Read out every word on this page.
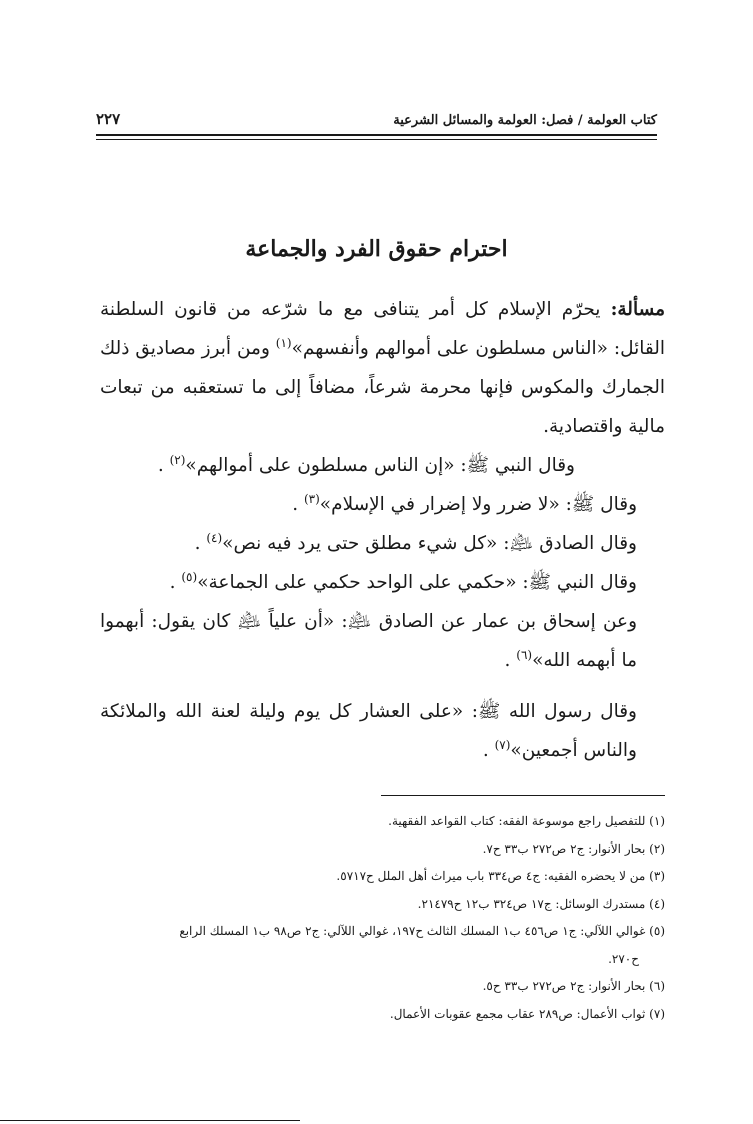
كتاب العولمة / فصل: العولمة والمسائل الشرعية
٢٢٧
احترام حقوق الفرد والجماعة

مسألة: يحرّم الإسلام كل أمر يتنافى مع ما شرّعه من قانون السلطنة القائل: «الناس مسلطون على أموالهم وأنفسهم»$^{(١)}$ ومن أبرز مصاديق ذلك الجمارك والمكوس فإنها محرمة شرعاً، مضافاً إلى ما تستعقبه من تبعات مالية واقتصادية.

وقال النبي ﷺ: «إن الناس مسلطون على أموالهم»$^{(٢)}$ .

وقال ﷺ: «لا ضرر ولا إضرار في الإسلام»$^{(٣)}$ .

وقال الصادق ﵇: «كل شيء مطلق حتى يرد فيه نص»$^{(٤)}$ .

وقال النبي ﷺ: «حكمي على الواحد حكمي على الجماعة»$^{(٥)}$ .

وعن إسحاق بن عمار عن الصادق ﵇: «أن علياً ﵇ كان يقول: أبهموا ما أبهمه الله»$^{(٦)}$ .

وقال رسول الله ﷺ: «على العشار كل يوم وليلة لعنة الله والملائكة والناس أجمعين»$^{(٧)}$ .

(١) للتفصيل راجع موسوعة الفقه: كتاب القواعد الفقهية.

(٢) بحار الأنوار: ج٢ ص٢٧٢ ب٣٣ ح٧.

(٣) من لا يحضره الفقيه: ج٤ ص٣٣٤ باب ميراث أهل الملل ح٥٧١٧.

(٤) مستدرك الوسائل: ج١٧ ص٣٢٤ ب١٢ ح٢١٤٧٩.

(٥) غوالي اللآلي: ج١ ص٤٥٦ ب١ المسلك الثالث ح١٩٧، غوالي اللآلي: ج٢ ص٩٨ ب١ المسلك الرابع

ح٢٧٠.

(٦) بحار الأنوار: ج٢ ص٢٧٢ ب٣٣ ح٥.

(٧) ثواب الأعمال: ص٢٨٩ عقاب مجمع عقوبات الأعمال.
